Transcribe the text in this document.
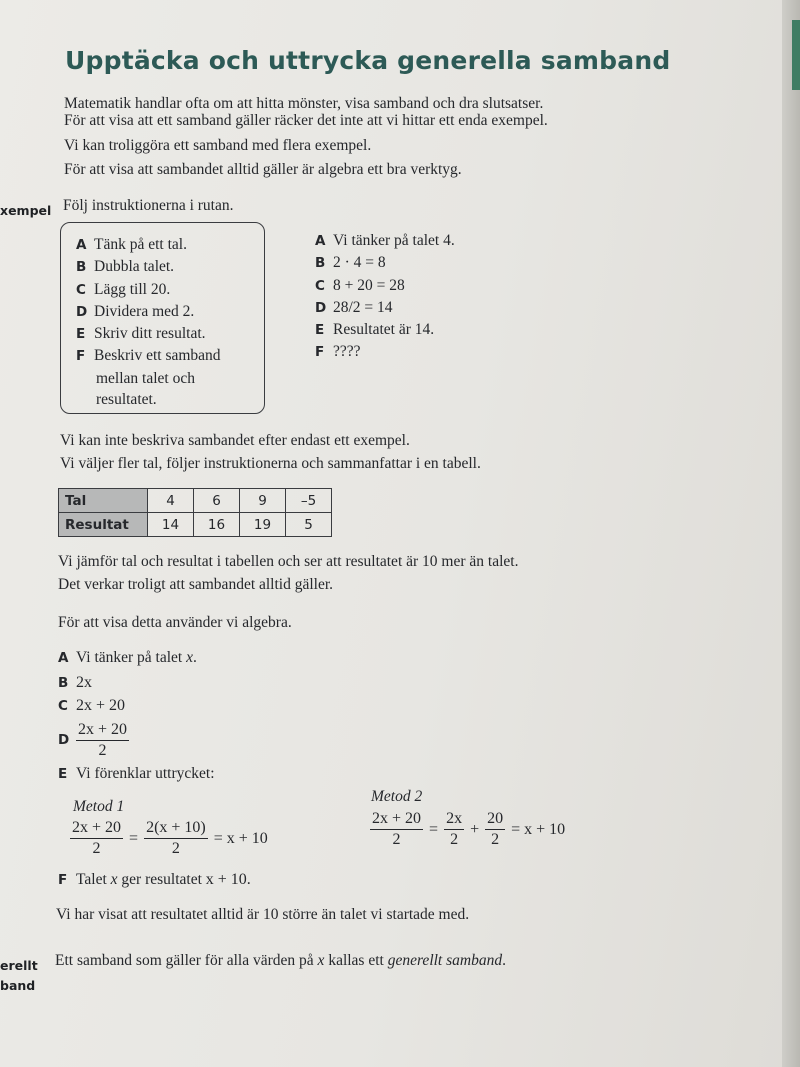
Upptäcka och uttrycka generella samband
Matematik handlar ofta om att hitta mönster, visa samband och dra slutsatser.
För att visa att ett samband gäller räcker det inte att vi hittar ett enda exempel.
Vi kan troliggöra ett samband med flera exempel.
För att visa att sambandet alltid gäller är algebra ett bra verktyg.
xempel Följ instruktionerna i rutan.
A Tänk på ett tal.
B Dubbla talet.
C Lägg till 20.
D Dividera med 2.
E Skriv ditt resultat.
F Beskriv ett samband
mellan talet och
resultatet.
A Vi tänker på talet 4.
B 2 · 4 = 8
C 8 + 20 = 28
D 28/2 = 14
E Resultatet är 14.
F ????
Vi kan inte beskriva sambandet efter endast ett exempel.
Vi väljer fler tal, följer instruktionerna och sammanfattar i en tabell.
Tal	4	6	9	–5
Resultat	14	16	19	5
Vi jämför tal och resultat i tabellen och ser att resultatet är 10 mer än talet.
Det verkar troligt att sambandet alltid gäller.
För att visa detta använder vi algebra.
A Vi tänker på talet x.
B 2x
C 2x + 20
D $\frac{2x + 20}{2}$
E Vi förenklar uttrycket:
Metod 1
Metod 2
$\frac{2x + 20}{2} = \frac{2(x + 10)}{2} = x + 10$	$\frac{2x + 20}{2} = \frac{2x}{2} + \frac{20}{2} = x + 10$
F Talet x ger resultatet x + 10.
Vi har visat att resultatet alltid är 10 större än talet vi startade med.
erellt
band
Ett samband som gäller för alla värden på x kallas ett generellt samband.
